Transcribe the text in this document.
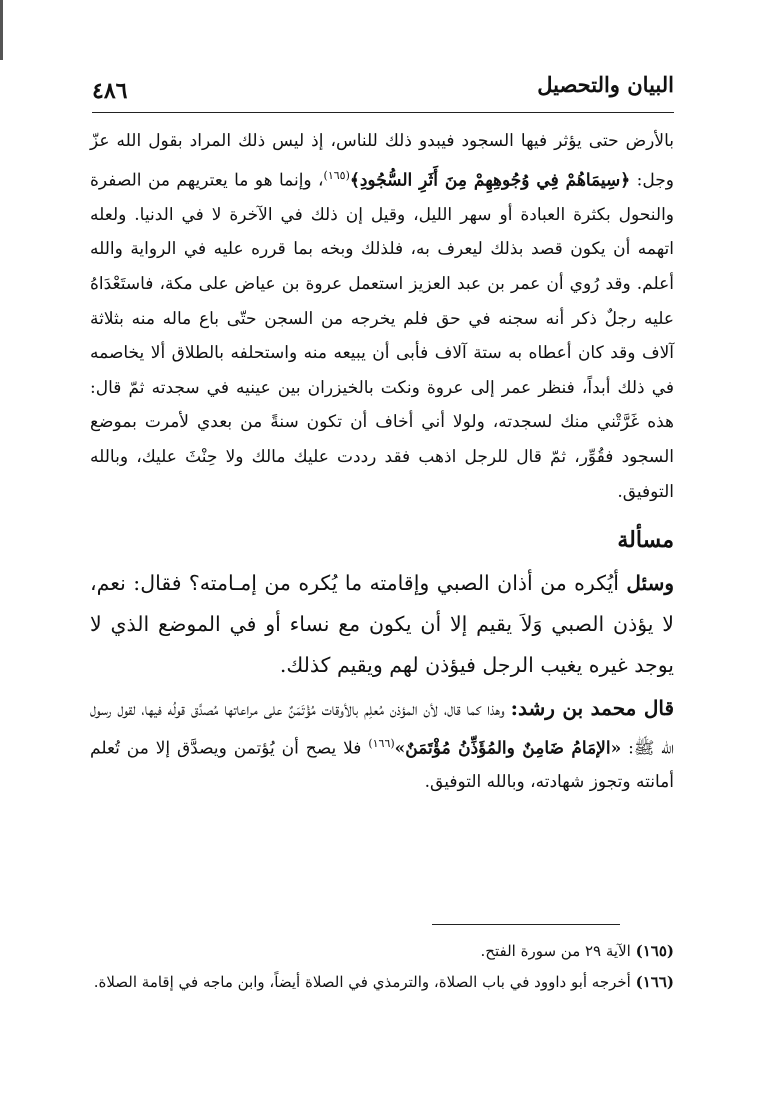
البيان والتحصيل
٤٨٦

بالأرض حتى يؤثر فيها السجود فيبدو ذلك للناس، إذ ليس ذلك المراد بقول الله عزّ وجل: ﴿سِيمَاهُمْ فِي وُجُوهِهِمْ مِنَ أَثَرِ السُّجُودِ﴾$^{(١٦٥)}$، وإنما هو ما يعتريهم من الصفرة والنحول بكثرة العبادة أو سهر الليل، وقيل إن ذلك في الآخرة لا في الدنيا. ولعله اتهمه أن يكون قصد بذلك ليعرف به، فلذلك وبخه بما قرره عليه في الرواية والله أعلم. وقد رُوي أن عمر بن عبد العزيز استعمل عروة بن عياض على مكة، فاستَعْدَاهُ عليه رجلٌ ذكر أنه سجنه في حق فلم يخرجه من السجن حتّى باع ماله منه بثلاثة آلاف وقد كان أعطاه به ستة آلاف فأبى أن يبيعه منه واستحلفه بالطلاق ألا يخاصمه في ذلك أبداً، فنظر عمر إلى عروة ونكت بالخيزران بين عينيه في سجدته ثمّ قال: هذه غَرَّتْني منك لسجدته، ولولا أني أخاف أن تكون سنةً من بعدي لأمرت بموضع السجود فقُوِّر، ثمّ قال للرجل اذهب فقد رددت عليك مالك ولا حِنْثَ عليك، وبالله التوفيق.

مسألة

وسئل أيُكره من أذان الصبي وإقامته ما يُكره من إمـامته؟ فقال: نعم، لا يؤذن الصبي وَلاَ يقيم إلا أن يكون مع نساء أو في الموضع الذي لا يوجد غيره يغيب الرجل فيؤذن لهم ويقيم كذلك.

قال محمد بن رشد: وهذا كما قال، لأن المؤذن مُعلِم بالأوقات مُؤْتَمَنٌ على مراعاتها مُصدَّق قولُه فيها، لقول رسول الله ﷺ: «الإمَامُ ضَامِنٌ والمُؤَذِّنُ مُؤْتَمَنٌ»$^{(١٦٦)}$ فلا يصح أن يُؤتمن ويصدَّق إلا من تُعلم أمانته وتجوز شهادته، وبالله التوفيق.

(١٦٥) الآية ٢٩ من سورة الفتح.

(١٦٦) أخرجه أبو داوود في باب الصلاة، والترمذي في الصلاة أيضاً، وابن ماجه في إقامة الصلاة.
